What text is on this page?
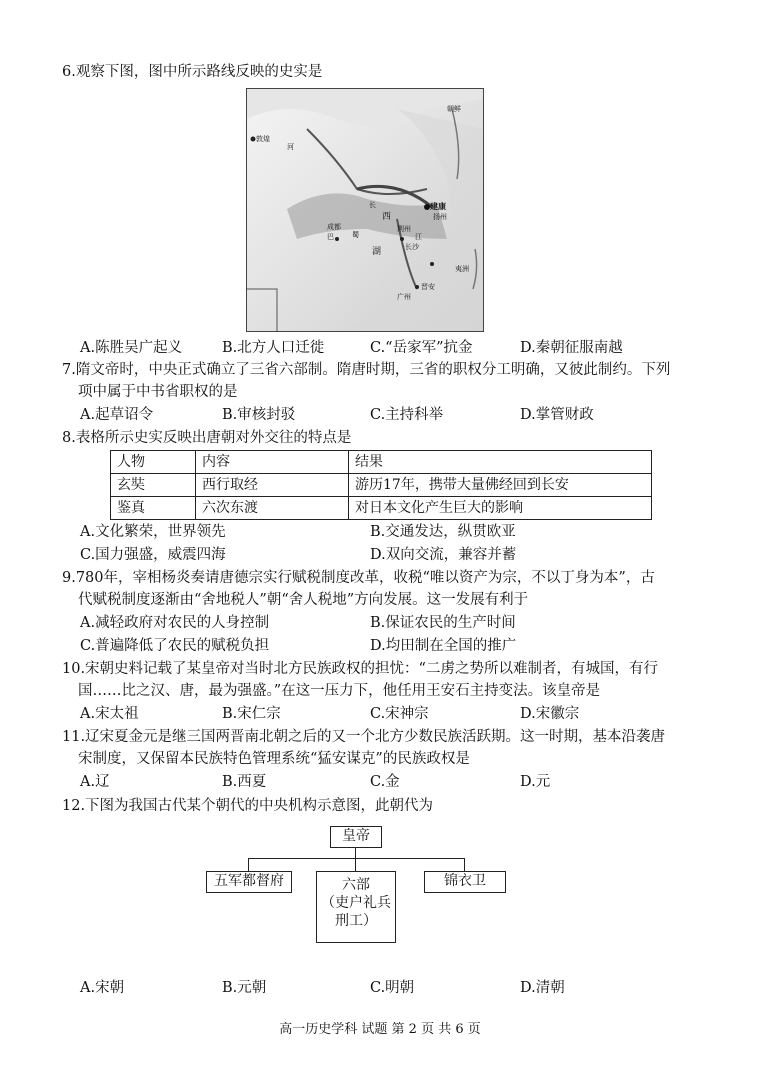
6.观察下图，图中所示路线反映的史实是
敦煌
建康
扬州
荆州
长沙
成都
巴	蜀
西
湖
江
河
长
晋安
广州
夷洲
朝鲜
A.陈胜吴广起义	B.北方人口迁徙	C.“岳家军”抗金	D.秦朝征服南越
7.隋文帝时，中央正式确立了三省六部制。隋唐时期，三省的职权分工明确，又彼此制约。下列
项中属于中书省职权的是
A.起草诏令	B.审核封驳	C.主持科举	D.掌管财政
8.表格所示史实反映出唐朝对外交往的特点是
人物	内容	结果
玄奘	西行取经	游历17年，携带大量佛经回到长安
鉴真	六次东渡	对日本文化产生巨大的影响
A.文化繁荣，世界领先	B.交通发达，纵贯欧亚
C.国力强盛，威震四海	D.双向交流，兼容并蓄
9.780年，宰相杨炎奏请唐德宗实行赋税制度改革，收税“唯以资产为宗，不以丁身为本”，古
代赋税制度逐渐由“舍地税人”朝“舍人税地”方向发展。这一发展有利于
A.减轻政府对农民的人身控制	B.保证农民的生产时间
C.普遍降低了农民的赋税负担	D.均田制在全国的推广
10.宋朝史料记载了某皇帝对当时北方民族政权的担忧：“二虏之势所以难制者，有城国，有行
国……比之汉、唐，最为强盛。”在这一压力下，他任用王安石主持变法。该皇帝是
A.宋太祖	B.宋仁宗	C.宋神宗	D.宋徽宗
11.辽宋夏金元是继三国两晋南北朝之后的又一个北方少数民族活跃期。这一时期，基本沿袭唐
宋制度，又保留本民族特色管理系统“猛安谋克”的民族政权是
A.辽	B.西夏	C.金	D.元
12.下图为我国古代某个朝代的中央机构示意图，此朝代为
皇帝
五军都督府	六部
（吏户礼兵
刑工）
锦衣卫
A.宋朝	B.元朝	C.明朝	D.清朝
高一历史学科 试题 第 2 页 共 6 页
